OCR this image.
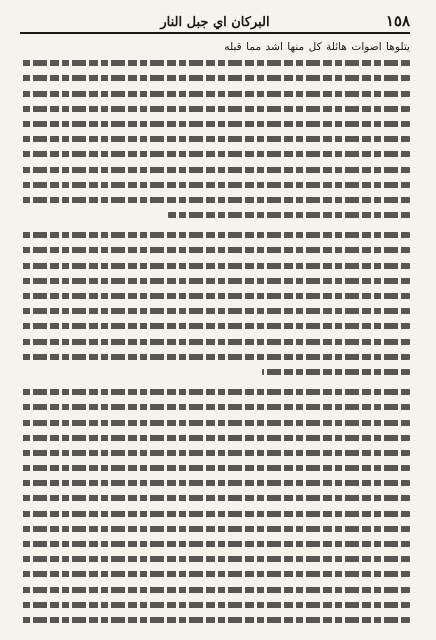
١٥٨
البركان اي جبل النار
يتلوها اصوات هائلة كل منها اشد مما قبله
